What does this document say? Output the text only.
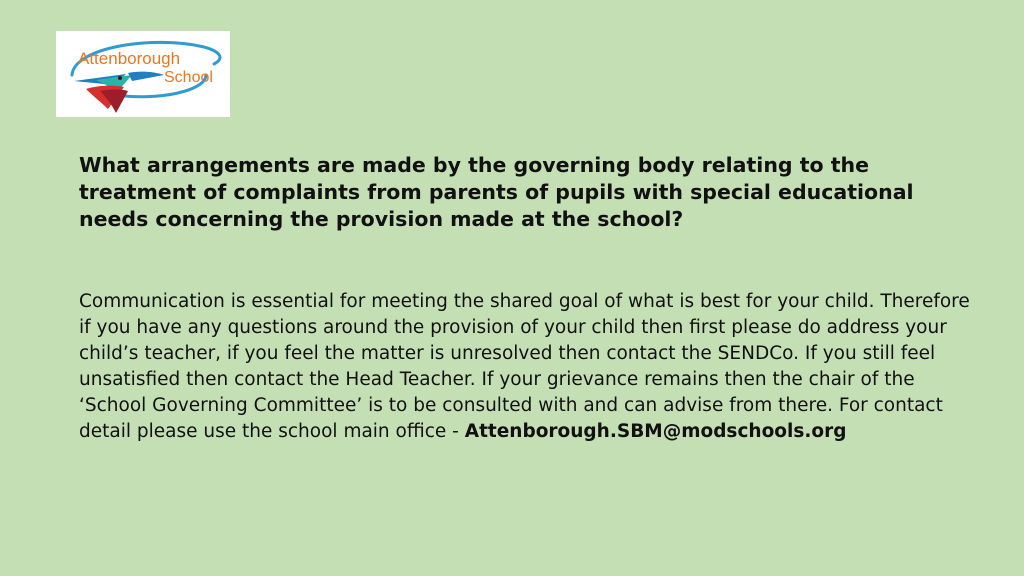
Attenborough
School

What arrangements are made by the governing body relating to the treatment of complaints from parents of pupils with special educational needs concerning the provision made at the school?

Communication is essential for meeting the shared goal of what is best for your child. Therefore if you have any questions around the provision of your child then first please do address your child’s teacher, if you feel the matter is unresolved then contact the SENDCo. If you still feel unsatisfied then contact the Head Teacher. If your grievance remains then the chair of the ‘School Governing Committee’ is to be consulted with and can advise from there. For contact detail please use the school main office - Attenborough.SBM@modschools.org
